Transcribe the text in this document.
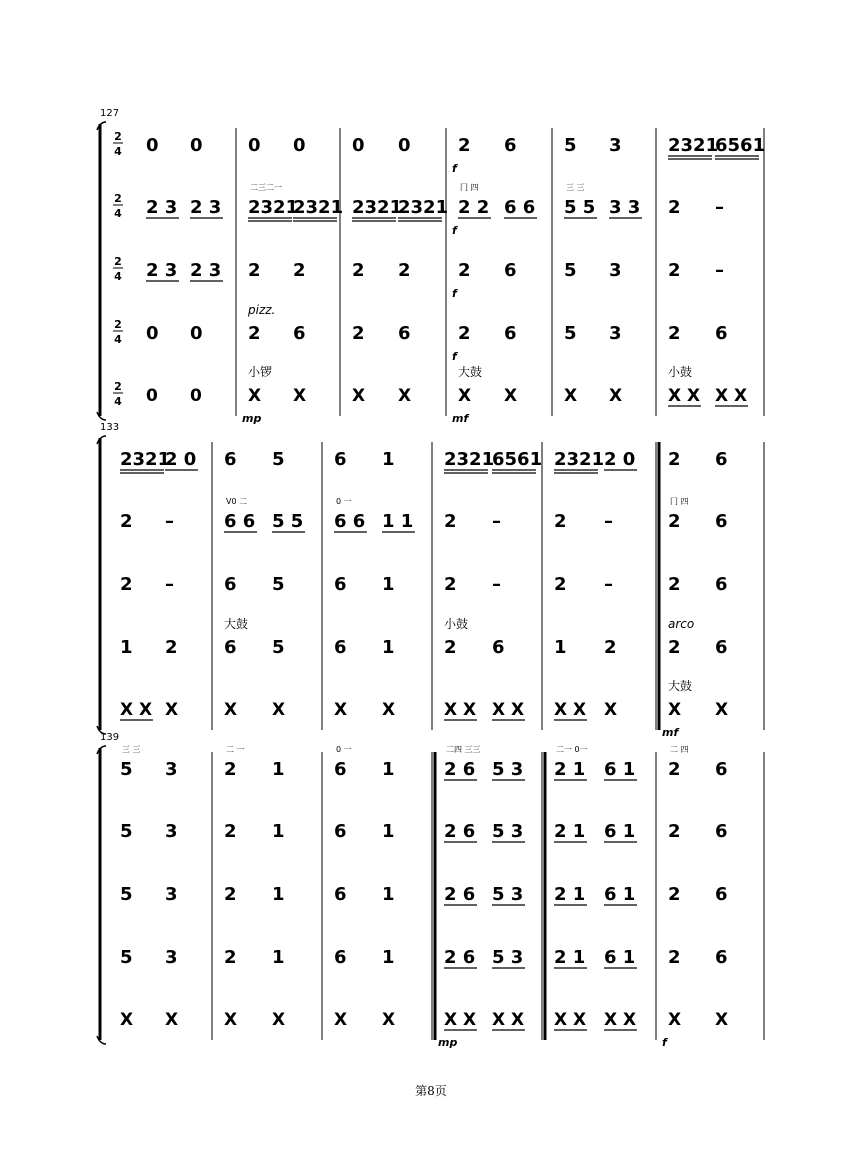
127
2
4 0 0
2
4 2 3 2 3
2
4 2 3 2 3
2
4 0 0
2
4 0 0
0 0
2321
2321
二三二一
2 2
2 6
pizz.
X X
小锣
mp
0 0
2321
2321
2 2
2 6
X X
2 6
f
2 2 6 6
冂 四
f
2 6
f
2 6
f
X X
大鼓
mf
5 3
5 5 3 3
三 三
5 3
5 3
X X
2321
6561
2 –
2 –
2 6
X X X X
小鼓
133
2321
2 0
2 –
2 –
1 2
X X X
6 5
6 6 5 5
V0 二
6 5
6 5
大鼓
X X
6 1
6 6 1 1
0 一
6 1
6 1
X X
2321
6561
2 –
2 –
2 6
小鼓
X X X X
2321 2 0
2 –
2 –
1 2
X X X
2 6
2 6
冂 四
2 6
2 6
arco
X X
大鼓
mf
139
5 3
三 三
5 3
5 3
5 3
X X
2 1
二 一
2 1
2 1
2 1
X X
6 1
0 一
6 1
6 1
6 1
X X
2 6 5 3
二四 三三
2 6 5 3
2 6 5 3
2 6 5 3
X X X X
mp
2 1 6 1
二一 0一
2 1 6 1
2 1 6 1
2 1 6 1
X X X X
2 6
二 四
2 6
2 6
2 6
X X
f
第8页
